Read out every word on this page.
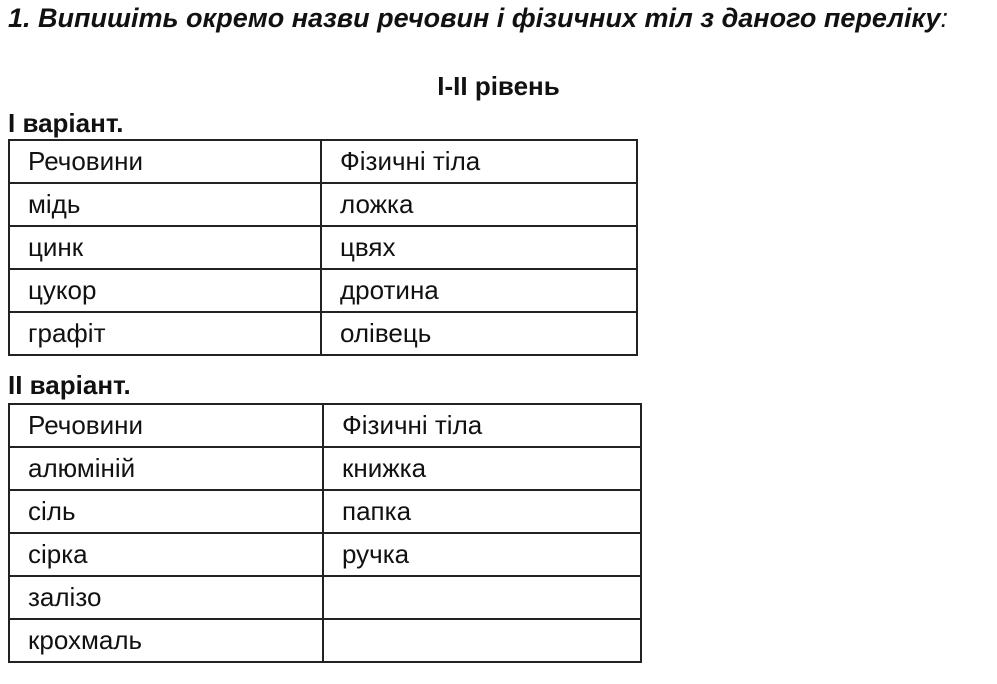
1. Випишіть окремо назви речовин і фізичних тіл з даного переліку:

I-II рівень

I варіант.

Речовини	Фізичні тіла
мідь	ложка
цинк	цвях
цукор	дротина
графіт	олівець

II варіант.

Речовини	Фізичні тіла
алюміній	книжка
сіль	папка
сірка	ручка
залізо	
крохмаль	
